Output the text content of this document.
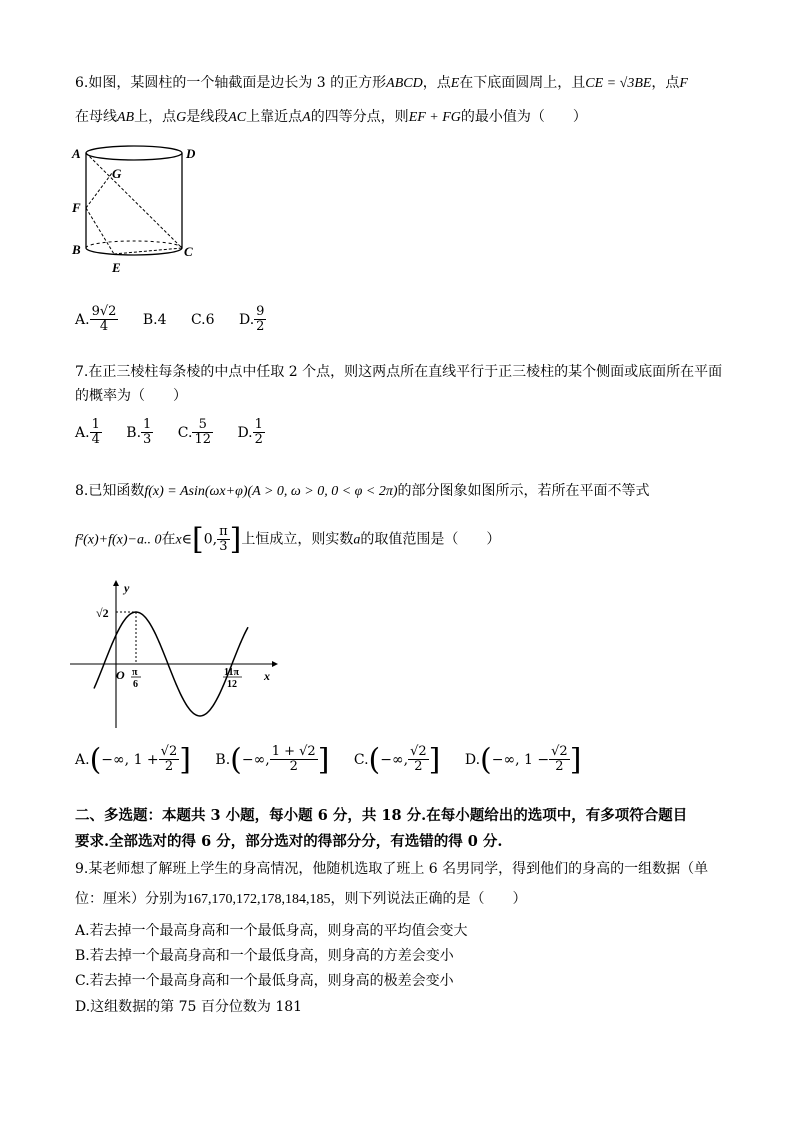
6.如图，某圆柱的一个轴截面是边长为 3 的正方形ABCD，点E在下底面圆周上，且CE = √3BE，点F
在母线AB上，点G是线段AC上靠近点A的四等分点，则EF + FG的最小值为（　　）
A	D
F
G
B	C
E
A. $\frac{9√2}{4} B.4$ C.6 D. $\frac{9}{2}$
7.在正三棱柱每条棱的中点中任取 2 个点，则这两点所在直线平行于正三棱柱的某个侧面或底面所在平面
的概率为（　　）
A. $\frac{1}{4} B$. $\frac{1}{3} C$. $\frac{5}{12} D$. $\frac{1}{2}$
8.已知函数f(x) = Asin(ωx+φ)(A > 0, ω > 0, 0 < φ < 2π)的部分图象如图所示，若所在平面不等式
f²(x)+f(x)−a.. 0在x∈[0, $\frac{\pi}{3}$ ]上恒成立，则实数a的取值范围是（　　）
y
x
O
√2
π
6
11π
12
A.(−∞, $1 + \frac{√2}{2}$ ] B.(−∞, $\frac{1 + √2}{2}$ ] C.(−∞, $\frac{√2}{2}$ ] D.(−∞, $1 - \frac{√2}{2}$ ]
二、多选题：本题共 3 小题，每小题 6 分，共 18 分.在每小题给出的选项中，有多项符合题目
要求.全部选对的得 6 分，部分选对的得部分分，有选错的得 0 分.
9.某老师想了解班上学生的身高情况，他随机选取了班上 6 名男同学，得到他们的身高的一组数据（单
位：厘米）分别为167,170,172,178,184,185，则下列说法正确的是（　　）
A.若去掉一个最高身高和一个最低身高，则身高的平均值会变大
B.若去掉一个最高身高和一个最低身高，则身高的方差会变小
C.若去掉一个最高身高和一个最低身高，则身高的极差会变小
D.这组数据的第 75 百分位数为 181
